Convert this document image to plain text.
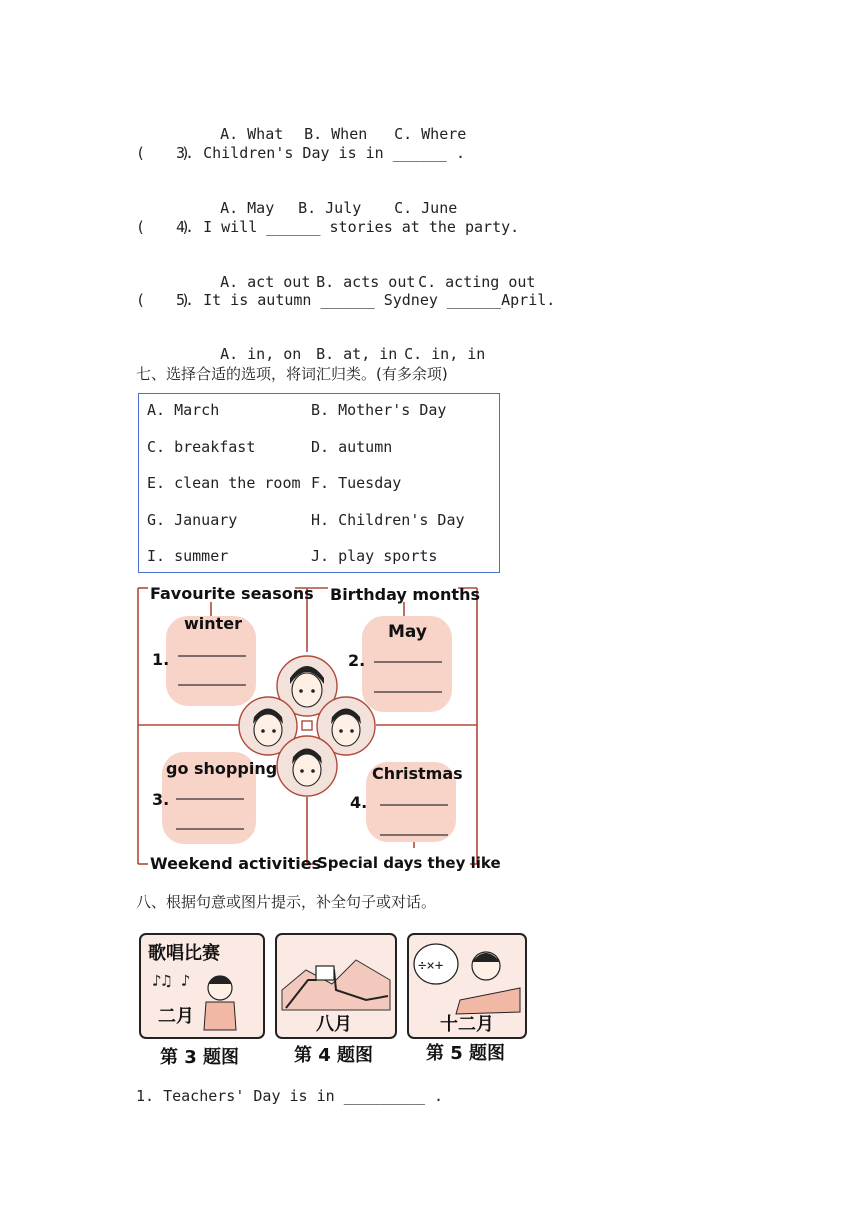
A. What B. When C. Where

(    )
3. Children's Day is in ______ .

A. May B. July C. June

(    )
4. I will ______ stories at the party.

A. act out B. acts out C. acting out

(    )
5. It is autumn ______ Sydney ______April.

A. in, on B. at, in C. in, in

七、选择合适的选项，将词汇归类。(有多余项)
A. March	B. Mother's Day
C. breakfast	D. autumn
E. clean the room F. Tuesday
G. January	H. Children's Day
I. summer	J. play sports
Favourite seasons Birthday months
Weekend activities
Special days they like
winter	May
go shopping	Christmas
1.	2.
3.	4.
八、根据句意或图片提示，补全句子或对话。
歌唱比赛
♪♫ ♪
二月
第 3 题图
八月
第 4 题图
÷×+
十二月
第 5 题图
1. Teachers' Day is in _________ .
